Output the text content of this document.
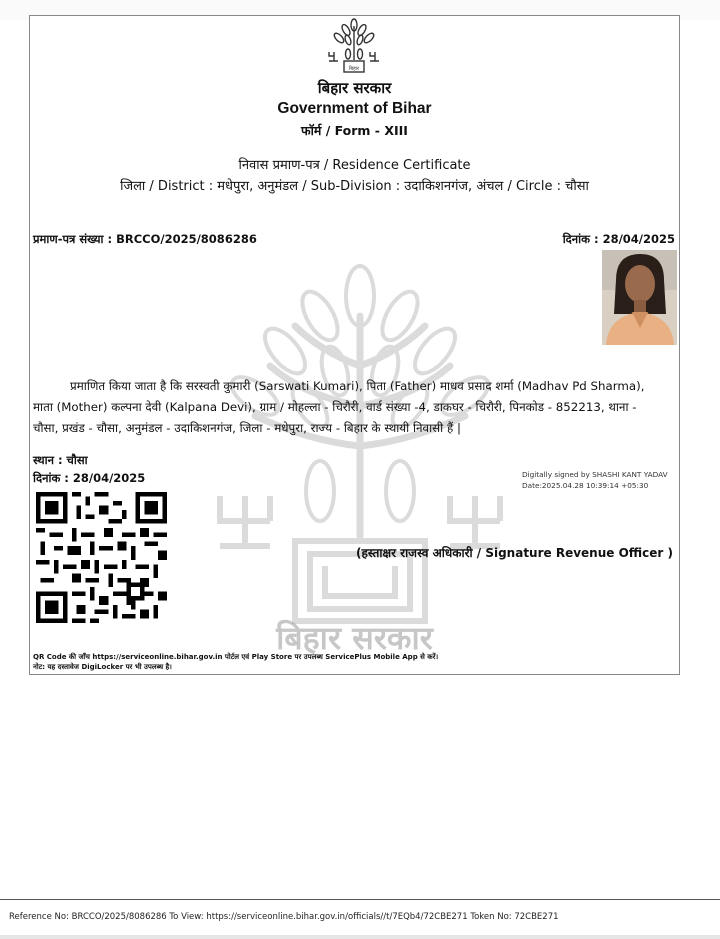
बिहार सरकार
बिहार
बिहार सरकार
Government of Bihar
फॉर्म / Form - XIII
निवास प्रमाण-पत्र / Residence Certificate
जिला / District : मधेपुरा, अनुमंडल / Sub-Division : उदाकिशनगंज, अंचल / Circle : चौसा
प्रमाण-पत्र संख्या : BRCCO/2025/8086286	दिनांक : 28/04/2025
प्रमाणित किया जाता है कि सरस्वती कुमारी (Sarswati Kumari), पिता (Father) माधव प्रसाद शर्मा (Madhav Pd Sharma),
माता (Mother) कल्पना देवी (Kalpana Devi), ग्राम / मोहल्ला - चिरौरी, वार्ड संख्या -4, डाकघर - चिरौरी, पिनकोड - 852213, थाना -
चौसा, प्रखंड - चौसा, अनुमंडल - उदाकिशनगंज, जिला - मधेपुरा, राज्य - बिहार के स्थायी निवासी हैं |
स्थान : चौसा
दिनांक : 28/04/2025	Digitally signed by SHASHI KANT YADAV
Date:2025.04.28 10:39:14 +05:30
(हस्ताक्षर राजस्व अधिकारी / Signature Revenue Officer )
QR Code की जाँच https://serviceonline.bihar.gov.in पोर्टल एवं Play Store पर उपलब्ध ServicePlus Mobile App से करें।
नोट: यह दस्तावेज DigiLocker पर भी उपलब्ध है।
Reference No: BRCCO/2025/8086286 To View: https://serviceonline.bihar.gov.in/officials//t/7EQb4/72CBE271 Token No: 72CBE271
